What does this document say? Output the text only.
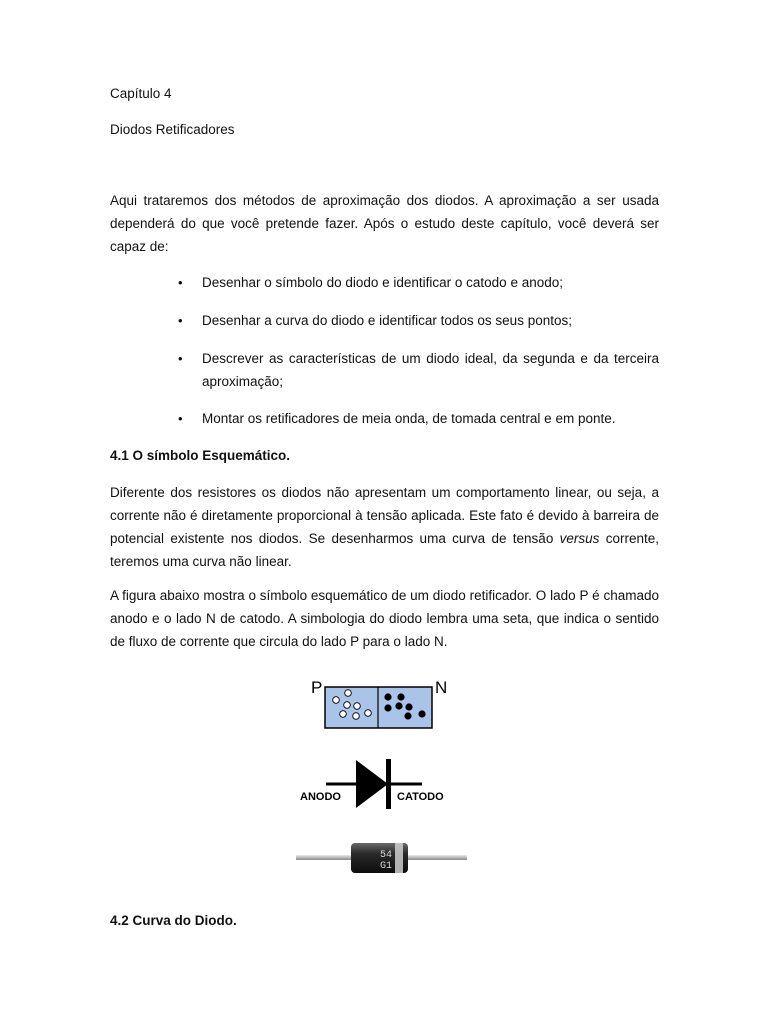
Capítulo 4
Diodos Retificadores

Aqui trataremos dos métodos de aproximação dos diodos. A aproximação a ser usada dependerá do que você pretende fazer. Após o estudo deste capítulo, você deverá ser capaz de:

• Desenhar o símbolo do diodo e identificar o catodo e anodo;
• Desenhar a curva do diodo e identificar todos os seus pontos;
• Descrever as características de um diodo ideal, da segunda e da terceira aproximação;
• Montar os retificadores de meia onda, de tomada central e em ponte.
4.1 O símbolo Esquemático.

Diferente dos resistores os diodos não apresentam um comportamento linear, ou seja, a corrente não é diretamente proporcional à tensão aplicada. Este fato é devido à barreira de potencial existente nos diodos. Se desenharmos uma curva de tensão versus corrente, teremos uma curva não linear.

A figura abaixo mostra o símbolo esquemático de um diodo retificador. O lado P é chamado anodo e o lado N de catodo. A simbologia do diodo lembra uma seta, que indica o sentido de fluxo de corrente que circula do lado P para o lado N.

4.2 Curva do Diodo.
P	N
ANODO	CATODO
54
G1
